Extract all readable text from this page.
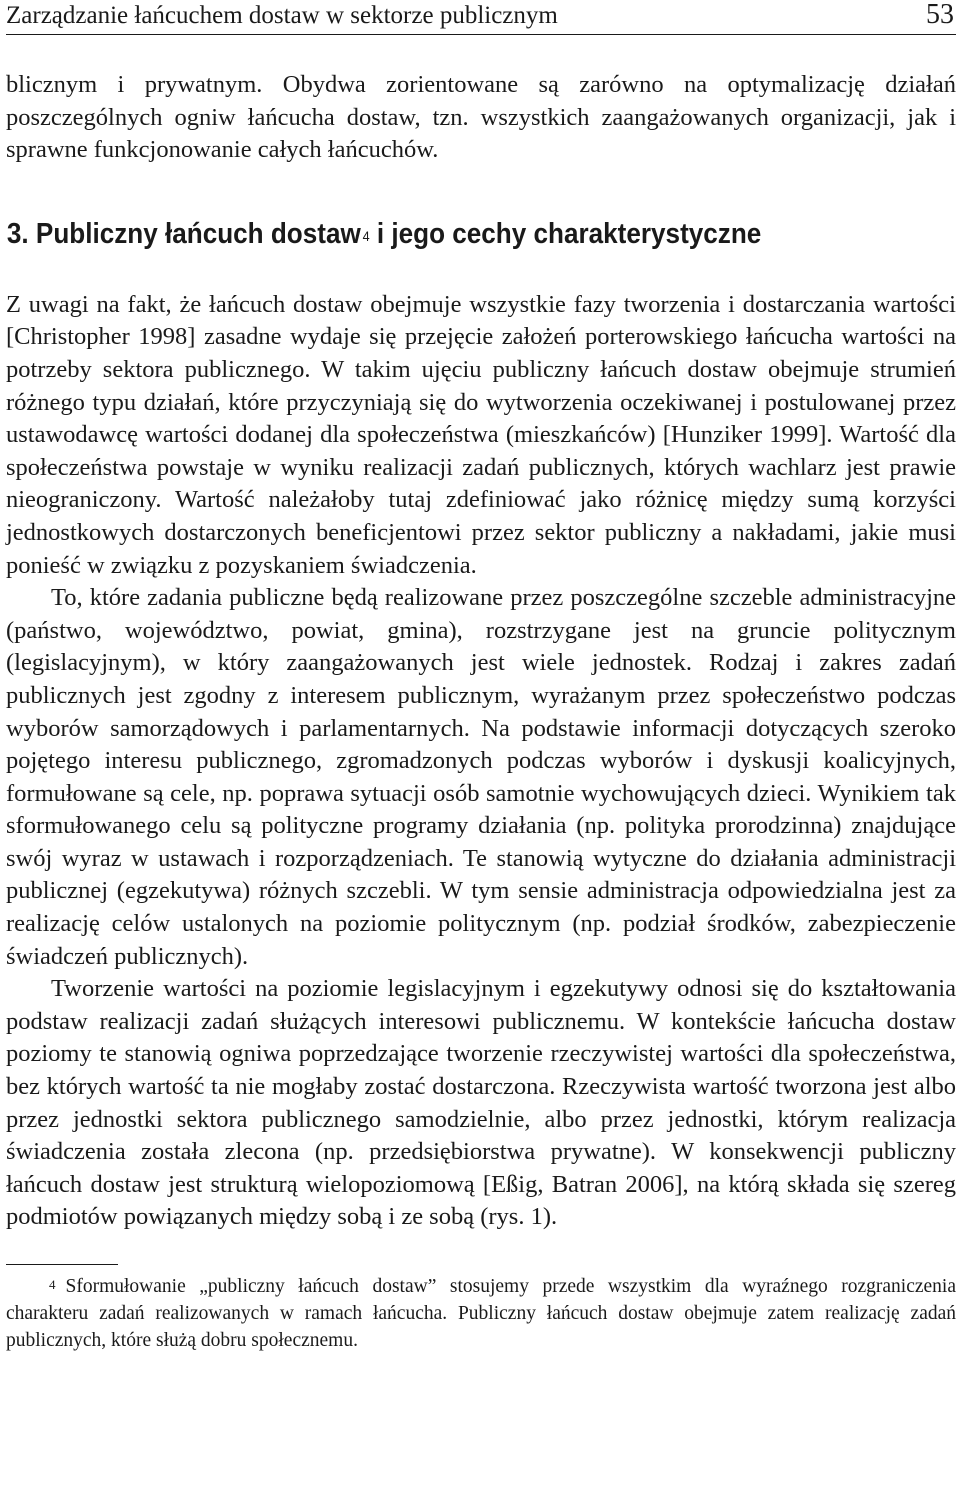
Zarządzanie łańcuchem dostaw w sektorze publicznym	53

blicznym i prywatnym. Obydwa zorientowane są zarówno na optymalizację działań poszczególnych ogniw łańcucha dostaw, tzn. wszystkich zaangażowanych organizacji, jak i sprawne funkcjonowanie całych łańcuchów.

3. Publiczny łańcuch dostaw $^4$ i jego cechy charakterystyczne

Z uwagi na fakt, że łańcuch dostaw obejmuje wszystkie fazy tworzenia i dostarczania wartości [Christopher 1998] zasadne wydaje się przejęcie założeń porterowskiego łańcucha wartości na potrzeby sektora publicznego. W takim ujęciu publiczny łańcuch dostaw obejmuje strumień różnego typu działań, które przyczyniają się do wytworzenia oczekiwanej i postulowanej przez ustawodawcę wartości dodanej dla społeczeństwa (mieszkańców) [Hunziker 1999]. Wartość dla społeczeństwa powstaje w wyniku realizacji zadań publicznych, których wachlarz jest prawie nieograniczony. Wartość należałoby tutaj zdefiniować jako różnicę między sumą korzyści jednostkowych dostarczonych beneficjentowi przez sektor publiczny a nakładami, jakie musi ponieść w związku z pozyskaniem świadczenia.

To, które zadania publiczne będą realizowane przez poszczególne szczeble administracyjne (państwo, województwo, powiat, gmina), rozstrzygane jest na gruncie politycznym (legislacyjnym), w który zaangażowanych jest wiele jednostek. Rodzaj i zakres zadań publicznych jest zgodny z interesem publicznym, wyrażanym przez społeczeństwo podczas wyborów samorządowych i parlamentarnych. Na podstawie informacji dotyczących szeroko pojętego interesu publicznego, zgromadzonych podczas wyborów i dyskusji koalicyjnych, formułowane są cele, np. poprawa sytuacji osób samotnie wychowujących dzieci. Wynikiem tak sformułowanego celu są polityczne programy działania (np. polityka prorodzinna) znajdujące swój wyraz w ustawach i rozporządzeniach. Te stanowią wytyczne do działania administracji publicznej (egzekutywa) różnych szczebli. W tym sensie administracja odpowiedzialna jest za realizację celów ustalonych na poziomie politycznym (np. podział środków, zabezpieczenie świadczeń publicznych).

Tworzenie wartości na poziomie legislacyjnym i egzekutywy odnosi się do kształtowania podstaw realizacji zadań służących interesowi publicznemu. W kontekście łańcucha dostaw poziomy te stanowią ogniwa poprzedzające tworzenie rzeczywistej wartości dla społeczeństwa, bez których wartość ta nie mogłaby zostać dostarczona. Rzeczywista wartość tworzona jest albo przez jednostki sektora publicznego samodzielnie, albo przez jednostki, którym realizacja świadczenia została zlecona (np. przedsiębiorstwa prywatne). W konsekwencji publiczny łańcuch dostaw jest strukturą wielopoziomową [Eßig, Batran 2006], na którą składa się szereg podmiotów powiązanych między sobą i ze sobą (rys. 1).

$^4$ Sformułowanie „publiczny łańcuch dostaw” stosujemy przede wszystkim dla wyraźnego rozgraniczenia charakteru zadań realizowanych w ramach łańcucha. Publiczny łańcuch dostaw obejmuje zatem realizację zadań publicznych, które służą dobru społecznemu.
